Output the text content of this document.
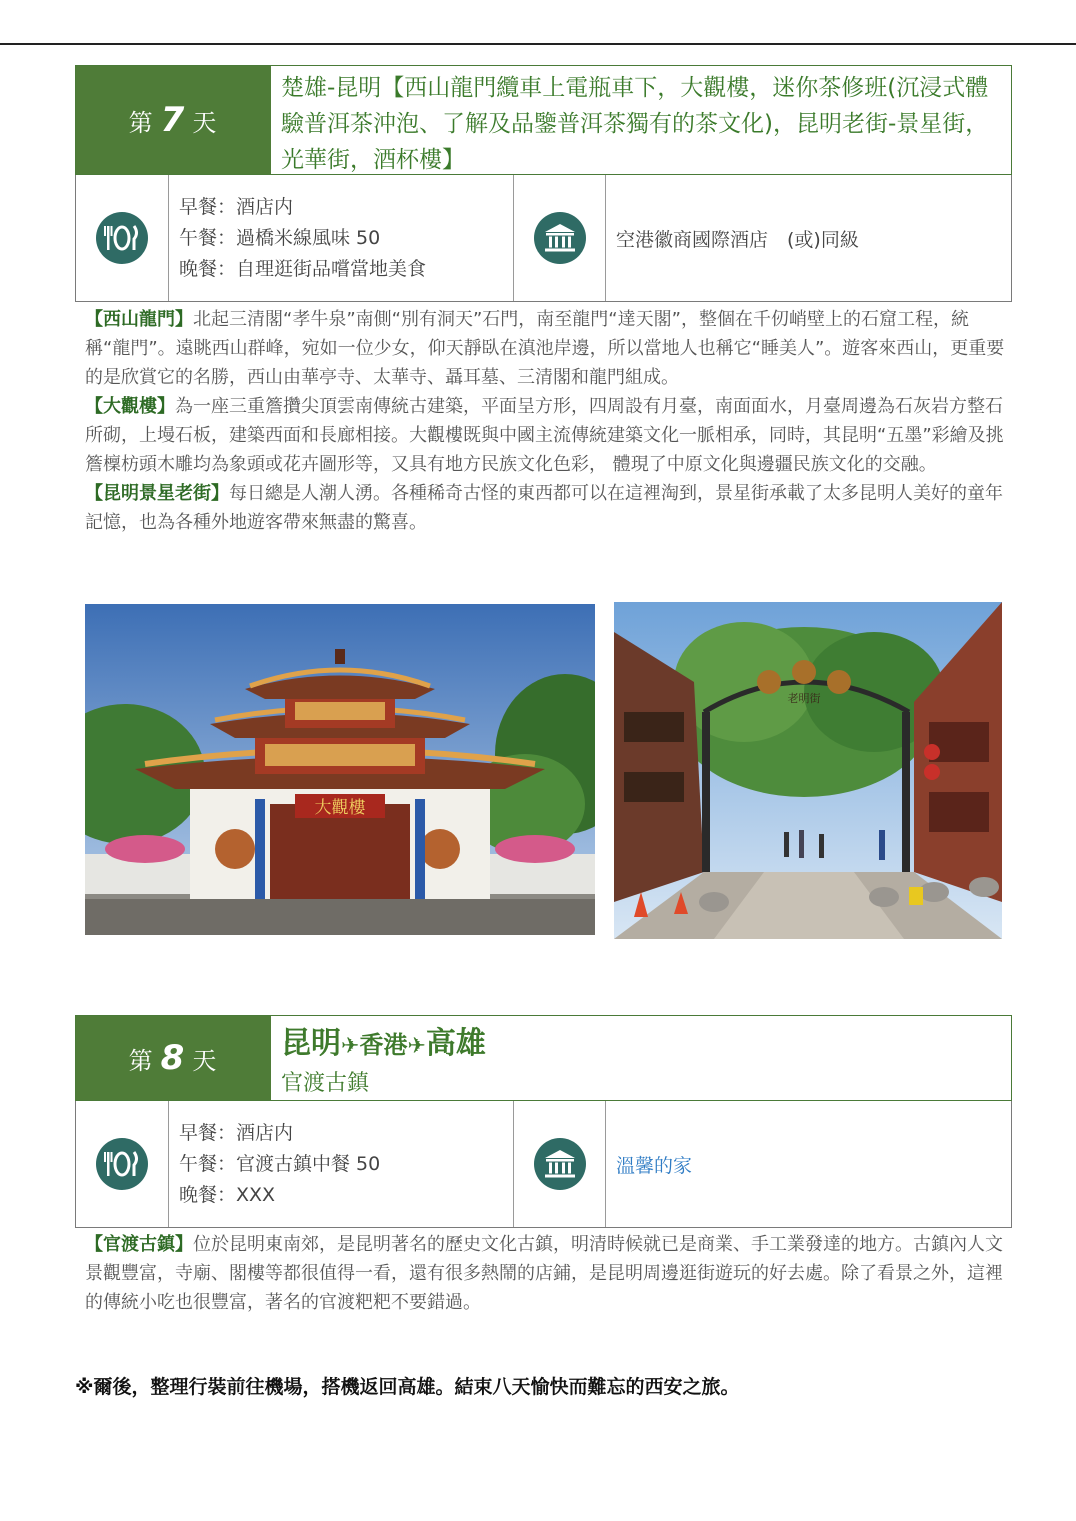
第 7 天
楚雄-昆明【西山龍門纜車上電瓶車下，大觀樓，迷你茶修班(沉浸式體驗普洱茶沖泡、了解及品鑒普洱茶獨有的茶文化)，昆明老街-景星街，光華街，酒杯樓】
早餐：酒店内
午餐：過橋米線風味 50
晚餐：自理逛街品嚐當地美食
空港徽商國際酒店　(或)同級

【西山龍門】北起三清閣“孝牛泉”南側“別有洞天”石門，南至龍門“達天閣”，整個在千仞峭壁上的石窟工程，統稱“龍門”。遠眺西山群峰，宛如一位少女，仰天靜臥在滇池岸邊，所以當地人也稱它“睡美人”。遊客來西山，更重要的是欣賞它的名勝，西山由華亭寺、太華寺、聶耳墓、三清閣和龍門組成。

【大觀樓】為一座三重簷攢尖頂雲南傳統古建築，平面呈方形，四周設有月臺，南面面水，月臺周邊為石灰岩方整石所砌，上墁石板，建築西面和長廊相接。大觀樓既與中國主流傳統建築文化一脈相承，同時，其昆明“五墨”彩繪及挑簷檁枋頭木雕均為象頭或花卉圖形等，又具有地方民族文化色彩， 體現了中原文化與邊疆民族文化的交融。

【昆明景星老街】每日總是人潮人湧。各種稀奇古怪的東西都可以在這裡淘到，景星街承載了太多昆明人美好的童年記憶，也為各種外地遊客帶來無盡的驚喜。

大觀樓
老明街
第 8 天 昆明✈香港✈高雄
官渡古鎮
早餐：酒店内
午餐：官渡古鎮中餐 50
晚餐：XXX
溫馨的家

【官渡古鎮】位於昆明東南郊，是昆明著名的歷史文化古鎮，明清時候就已是商業、手工業發達的地方。古鎮內人文景觀豐富，寺廟、閣樓等都很值得一看，還有很多熱鬧的店鋪，是昆明周邊逛街遊玩的好去處。除了看景之外，這裡的傳統小吃也很豐富，著名的官渡粑粑不要錯過。

※爾後，整理行裝前往機場，搭機返回高雄。結束八天愉快而難忘的西安之旅。
